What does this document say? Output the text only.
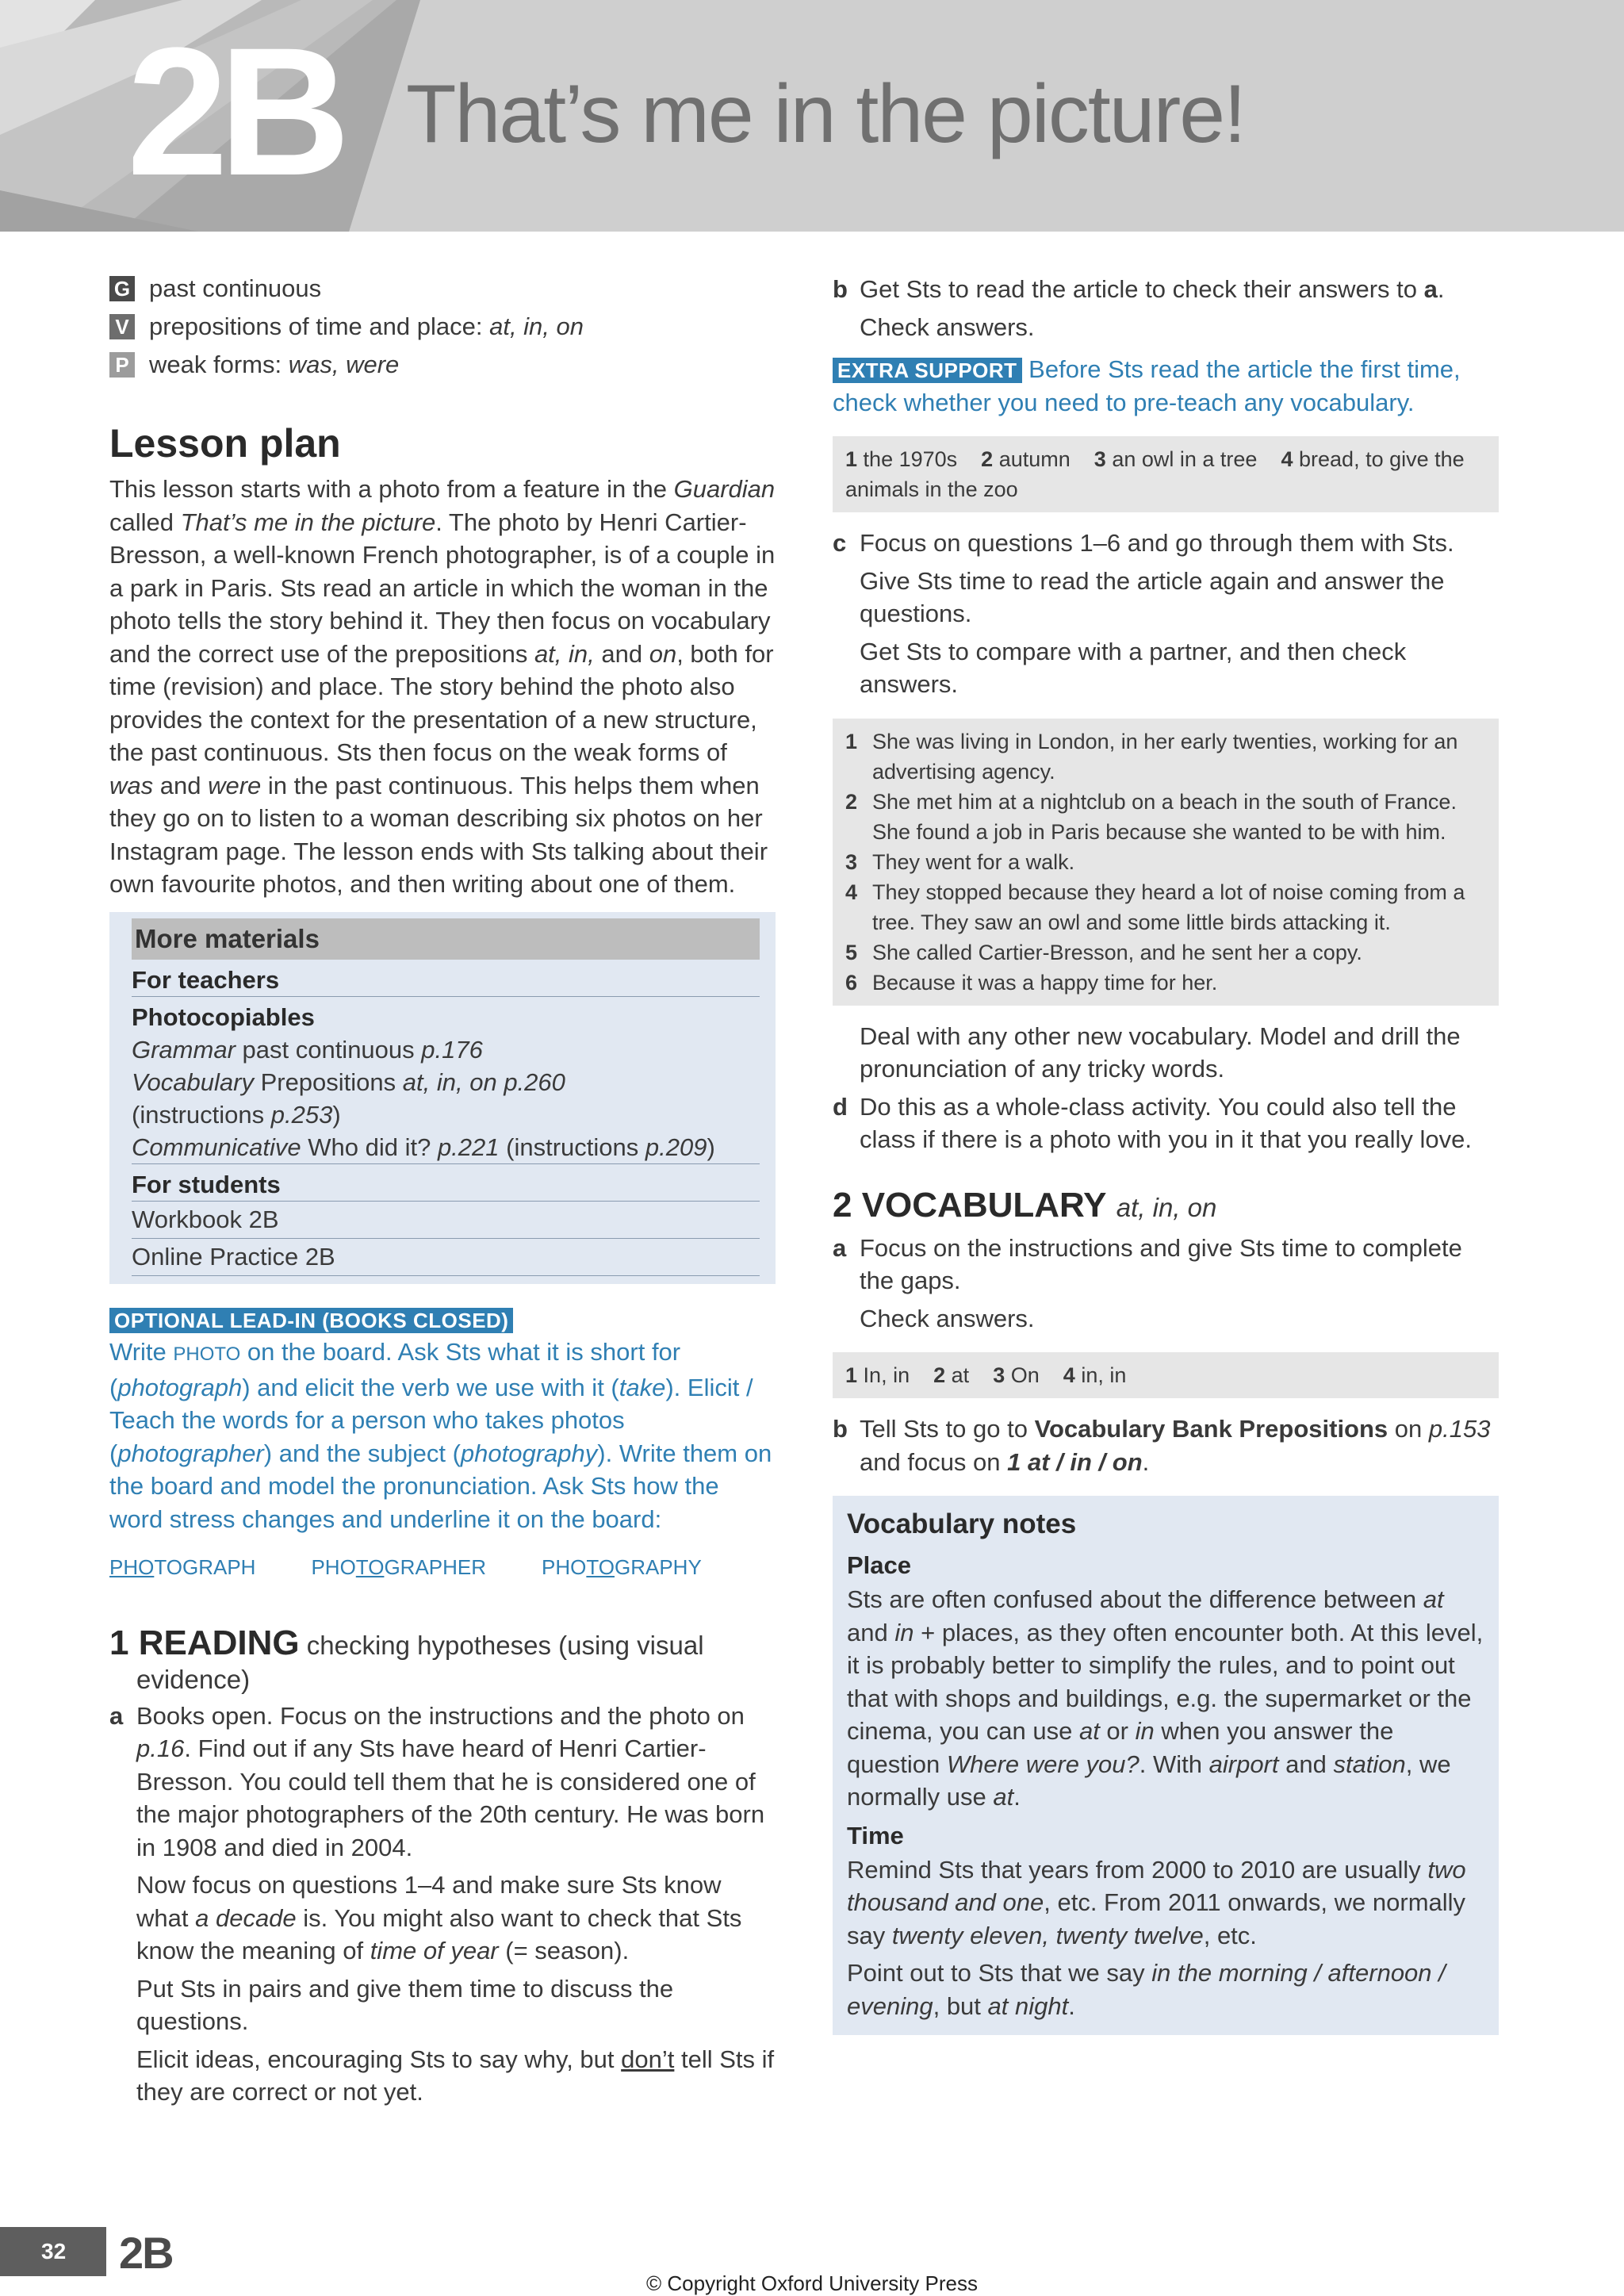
2B That’s me in the picture!
G past continuous
V prepositions of time and place: at, in, on
P weak forms: was, were
Lesson plan

This lesson starts with a photo from a feature in the Guardian called That’s me in the picture. The photo by Henri Cartier-Bresson, a well-known French photographer, is of a couple in a park in Paris. Sts read an article in which the woman in the photo tells the story behind it. They then focus on vocabulary and the correct use of the prepositions at, in, and on, both for time (revision) and place. The story behind the photo also provides the context for the presentation of a new structure, the past continuous. Sts then focus on the weak forms of was and were in the past continuous. This helps them when they go on to listen to a woman describing six photos on her Instagram page. The lesson ends with Sts talking about their own favourite photos, and then writing about one of them.

More materials
For teachers
Photocopiables
Grammar past continuous p.176
Vocabulary Prepositions at, in, on p.260
(instructions p.253)
Communicative Who did it? p.221 (instructions p.209)
For students
Workbook 2B
Online Practice 2B
OPTIONAL LEAD-IN (BOOKS CLOSED)

Write PHOTO on the board. Ask Sts what it is short for (photograph) and elicit the verb we use with it (take). Elicit / Teach the words for a person who takes photos (photographer) and the subject (photography). Write them on the board and model the pronunciation. Ask Sts how the word stress changes and underline it on the board:

PHOTOGRAPH	PHOTOGRAPHER	PHOTOGRAPHY
1 READING checking hypotheses (using visual
evidence)
a Books open. Focus on the instructions and the photo on p.16. Find out if any Sts have heard of Henri Cartier-Bresson. You could tell them that he is considered one of the major photographers of the 20th century. He was born in 1908 and died in 2004.

Now focus on questions 1–4 and make sure Sts know what a decade is. You might also want to check that Sts know the meaning of time of year (= season).

Put Sts in pairs and give them time to discuss the questions.

Elicit ideas, encouraging Sts to say why, but don’t tell Sts if they are correct or not yet.

b Get Sts to read the article to check their answers to a.

Check answers.

EXTRA SUPPORT Before Sts read the article the first time, check whether you need to pre-teach any vocabulary.

1 the 1970s 2 autumn 3 an owl in a tree 4 bread, to give the animals in the zoo
c Focus on questions 1–6 and go through them with Sts.

Give Sts time to read the article again and answer the questions.

Get Sts to compare with a partner, and then check answers.

1 She was living in London, in her early twenties, working for an advertising agency.
2 She met him at a nightclub on a beach in the south of France. She found a job in Paris because she wanted to be with him.
3 They went for a walk.
4 They stopped because they heard a lot of noise coming from a tree. They saw an owl and some little birds attacking it.
5 She called Cartier-Bresson, and he sent her a copy.
6 Because it was a happy time for her.

Deal with any other new vocabulary. Model and drill the pronunciation of any tricky words.

d Do this as a whole-class activity. You could also tell the class if there is a photo with you in it that you really love.

2 VOCABULARY at, in, on
a Focus on the instructions and give Sts time to complete the gaps.

Check answers.

1 In, in 2 at 3 On 4 in, in
b Tell Sts to go to Vocabulary Bank Prepositions on p.153 and focus on 1 at / in / on.

Vocabulary notes
Place

Sts are often confused about the difference between at and in + places, as they often encounter both. At this level, it is probably better to simplify the rules, and to point out that with shops and buildings, e.g. the supermarket or the cinema, you can use at or in when you answer the question Where were you?. With airport and station, we normally use at.

Time

Remind Sts that years from 2000 to 2010 are usually two thousand and one, etc. From 2011 onwards, we normally say twenty eleven, twenty twelve, etc.

Point out to Sts that we say in the morning / afternoon / evening, but at night.

32	2B
© Copyright Oxford University Press
